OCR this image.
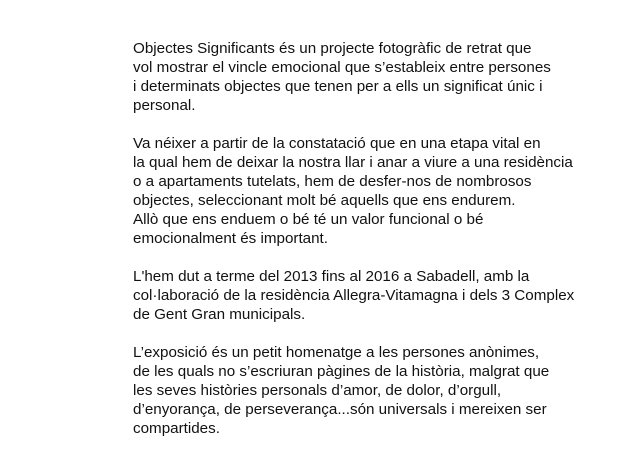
Objectes Significants és un projecte fotogràfic de retrat que
vol mostrar el vincle emocional que s’estableix entre persones
i determinats objectes que tenen per a ells un significat únic i
personal.

Va néixer a partir de la constatació que en una etapa vital en
la qual hem de deixar la nostra llar i anar a viure a una residència
o a apartaments tutelats, hem de desfer-nos de nombrosos
objectes, seleccionant molt bé aquells que ens endurem.
Allò que ens enduem o bé té un valor funcional o bé
emocionalment és important.

L'hem dut a terme del 2013 fins al 2016 a Sabadell, amb la
col·laboració de la residència Allegra-Vitamagna i dels 3 Complex
de Gent Gran municipals.

L’exposició és un petit homenatge a les persones anònimes,
de les quals no s’escriuran pàgines de la història, malgrat que
les seves històries personals d’amor, de dolor, d’orgull,
d’enyorança, de perseverança...són universals i mereixen ser
compartides.
